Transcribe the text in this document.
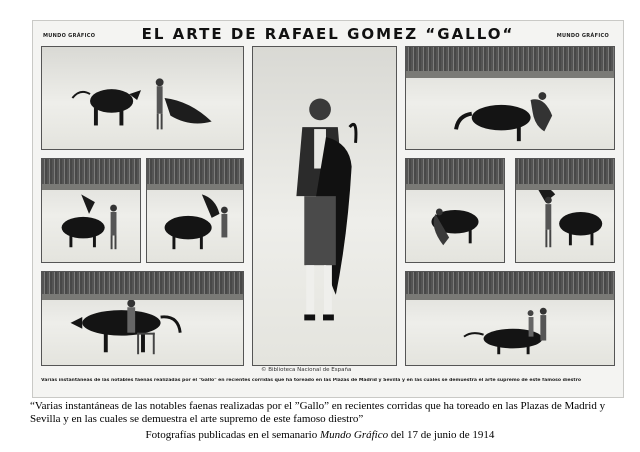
MUNDO GRÁFICO	EL ARTE DE RAFAEL GOMEZ “GALLO“	MUNDO GRÁFICO
© Biblioteca Nacional de España
Varias instantáneas de las notables faenas realizadas por el "Gallo" en recientes corridas que ha toreado en las Plazas de Madrid y Sevilla y en las cuales se demuestra el arte supremo de este famoso diestro
“Varias instantáneas de las notables faenas realizadas por el ”Gallo” en recientes corridas que ha toreado en las Plazas de Madrid y Sevilla y en las cuales se demuestra el arte supremo de este famoso diestro”
Fotografías publicadas en el semanario Mundo Gráfico del 17 de junio de 1914
